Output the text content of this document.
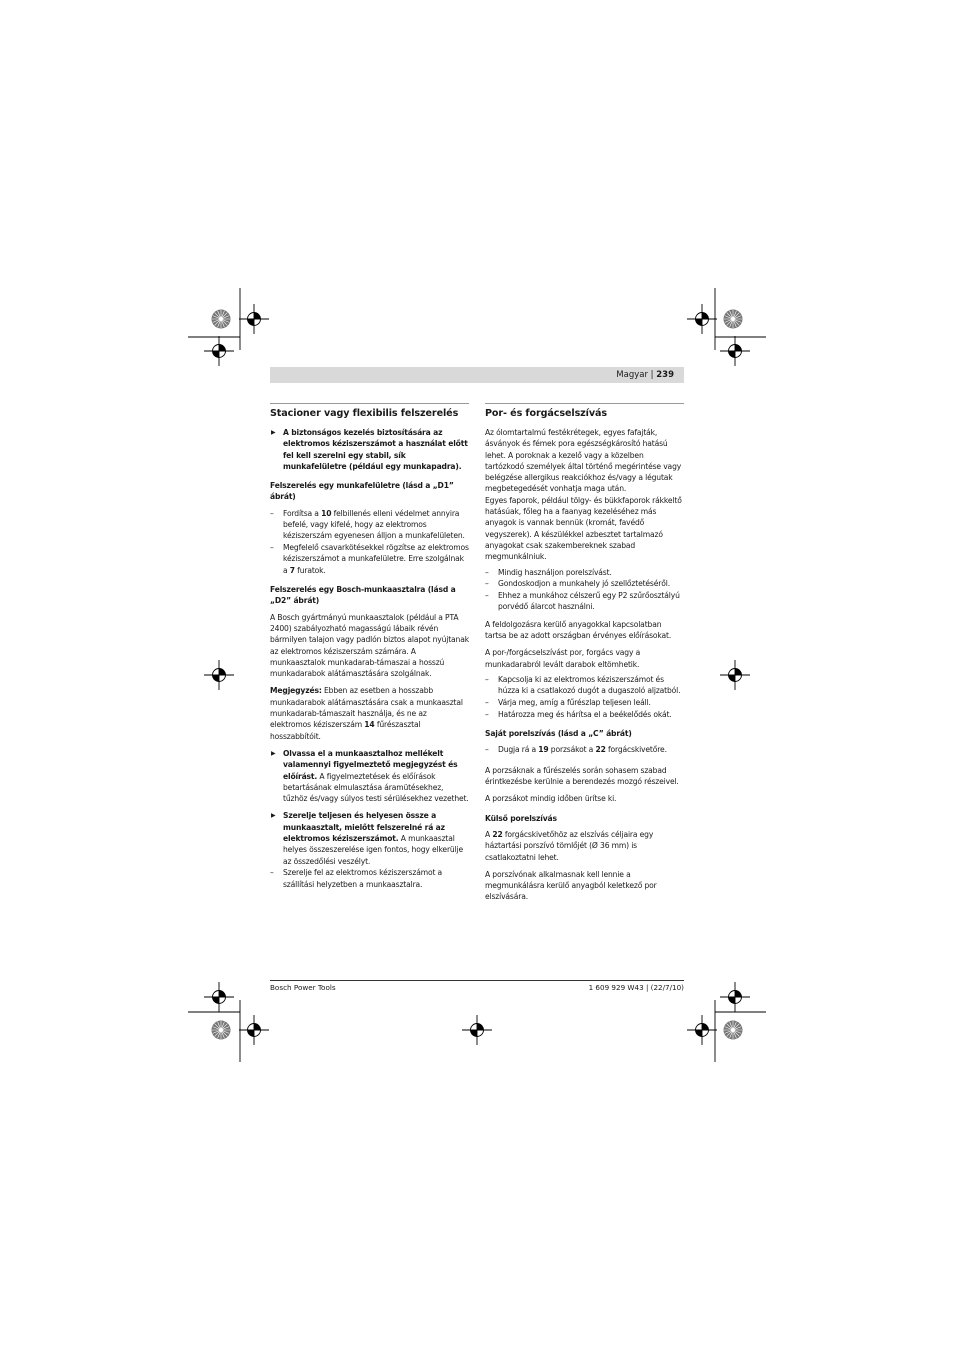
Magyar | 239
Stacioner vagy flexibilis felszerelés
▶ A biztonságos kezelés biztosítására az elektromos kéziszerszámot a használat előtt fel kell szerelni egy stabil, sík munkafelületre (például egy munkapadra).
Felszerelés egy munkafelületre (lásd a „D1” ábrát)
– Fordítsa a 10 felbillenés elleni védelmet annyira befelé, vagy kifelé, hogy az elektromos kéziszerszám egyenesen álljon a munkafelületen.
– Megfelelő csavarkötésekkel rögzítse az elektromos kéziszerszámot a munkafelületre. Erre szolgálnak a 7 furatok.
Felszerelés egy Bosch-munkaasztalra (lásd a „D2” ábrát)

A Bosch gyártmányú munkaasztalok (például a PTA 2400) szabályozható magasságú lábaik révén bármilyen talajon vagy padlón biztos alapot nyújtanak az elektromos kéziszerszám számára. A munkaasztalok munkadarab-támaszai a hosszú munkadarabok alátámasztására szolgálnak.

Megjegyzés: Ebben az esetben a hosszabb munkadarabok alátámasztására csak a munkaasztal munkadarab-támaszait használja, és ne az elektromos kéziszerszám 14 fűrészasztal hosszabbítóit.

▶ Olvassa el a munkaasztalhoz mellékelt valamennyi figyelmeztető megjegyzést és előírást. A figyelmeztetések és előírások betartásának elmulasztása áramütésekhez, tűzhöz és/vagy súlyos testi sérülésekhez vezethet.
▶ Szerelje teljesen és helyesen össze a munkaasztalt, mielőtt felszerelné rá az elektromos kéziszerszámot. A munkaasztal helyes összeszerelése igen fontos, hogy elkerülje az összedőlési veszélyt.
– Szerelje fel az elektromos kéziszerszámot a szállítási helyzetben a munkaasztalra.
Por- és forgácselszívás

Az ólomtartalmú festékrétegek, egyes fafajták, ásványok és fémek pora egészségkárosító hatású lehet. A poroknak a kezelő vagy a közelben tartózkodó személyek által történő megérintése vagy belégzése allergikus reakciókhoz és/vagy a légutak megbetegedését vonhatja maga után.

Egyes faporok, például tölgy- és bükkfaporok rákkeltő hatásúak, főleg ha a faanyag kezeléséhez más anyagok is vannak bennük (kromát, favédő vegyszerek). A készülékkel azbesztet tartalmazó anyagokat csak szakembereknek szabad megmunkálniuk.

– Mindig használjon porelszívást.
– Gondoskodjon a munkahely jó szellőztetéséről.
– Ehhez a munkához célszerű egy P2 szűrőosztályú porvédő álarcot használni.

A feldolgozásra kerülő anyagokkal kapcsolatban tartsa be az adott országban érvényes előírásokat.

A por-/forgácselszívást por, forgács vagy a munkadarabról levált darabok eltömhetik.

– Kapcsolja ki az elektromos kéziszerszámot és húzza ki a csatlakozó dugót a dugaszoló aljzatból.
– Várja meg, amíg a fűrészlap teljesen leáll.
– Határozza meg és hárítsa el a beékelődés okát.
Saját porelszívás (lásd a „C” ábrát)
– Dugja rá a 19 porzsákot a 22 forgácskivetőre.

A porzsáknak a fűrészelés során sohasem szabad érintkezésbe kerülnie a berendezés mozgó részeivel.

A porzsákot mindig időben ürítse ki.

Külső porelszívás

A 22 forgácskivetőhöz az elszívás céljaira egy háztartási porszívó tömlőjét (Ø 36 mm) is csatlakoztatni lehet.

A porszívónak alkalmasnak kell lennie a megmunkálásra kerülő anyagból keletkező por elszívására.

Bosch Power Tools	1 609 929 W43 | (22/7/10)
